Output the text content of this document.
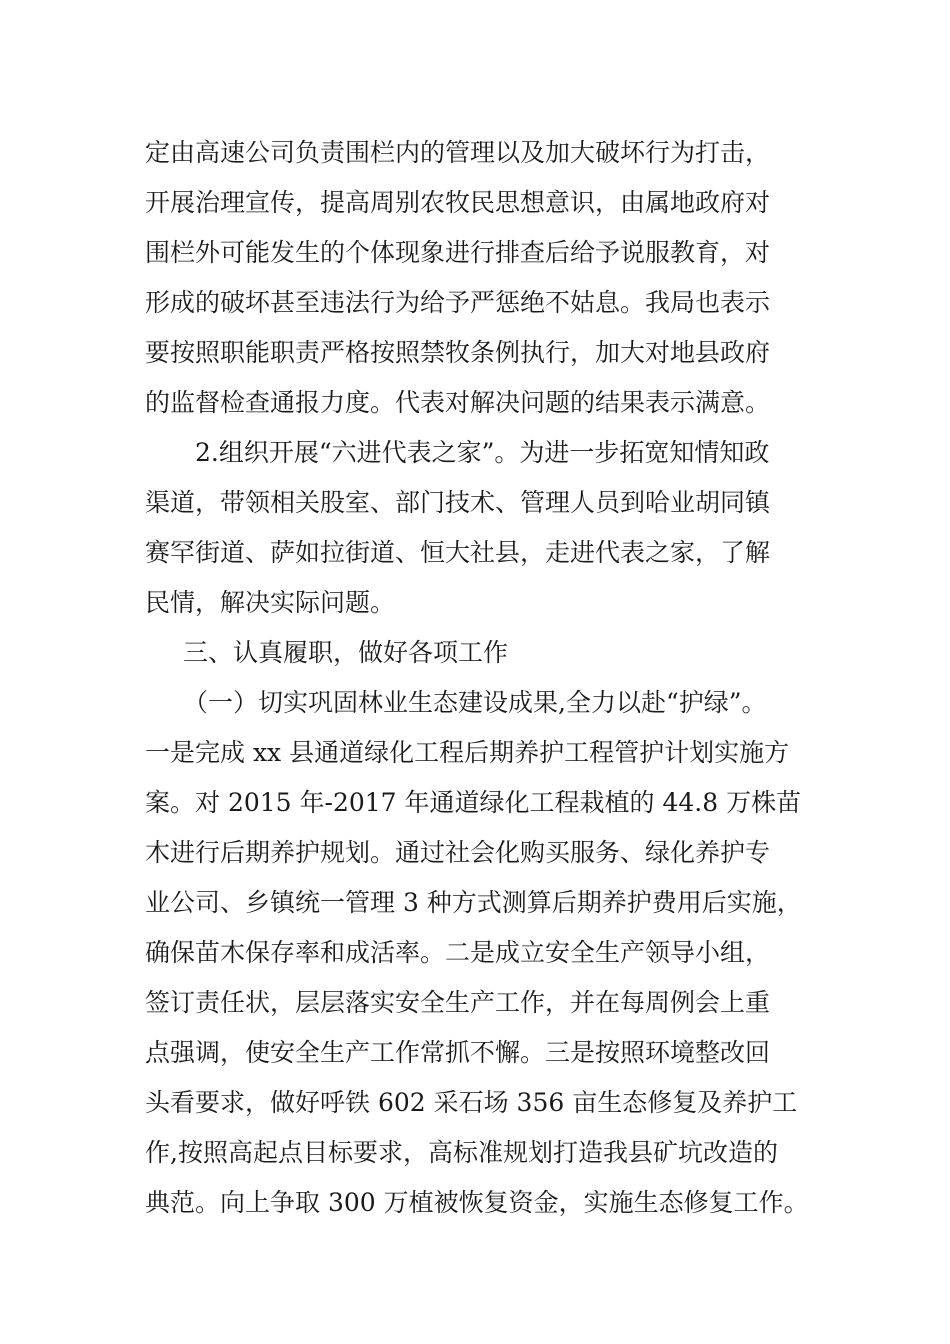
定由高速公司负责围栏内的管理以及加大破坏行为打击，
开展治理宣传，提高周别农牧民思想意识，由属地政府对
围栏外可能发生的个体现象进行排查后给予说服教育，对
形成的破坏甚至违法行为给予严惩绝不姑息。我局也表示
要按照职能职责严格按照禁牧条例执行，加大对地县政府
的监督检查通报力度。代表对解决问题的结果表示满意。
2.组织开展“六进代表之家”。为进一步拓宽知情知政
渠道，带领相关股室、部门技术、管理人员到哈业胡同镇
赛罕街道、萨如拉街道、恒大社县，走进代表之家，了解
民情，解决实际问题。
三、认真履职，做好各项工作
（一）切实巩固林业生态建设成果,全力以赴“护绿”。
一是完成 xx 县通道绿化工程后期养护工程管护计划实施方
案。对 2015 年-2017 年通道绿化工程栽植的 44.8 万株苗
木进行后期养护规划。通过社会化购买服务、绿化养护专
业公司、乡镇统一管理 3 种方式测算后期养护费用后实施，
确保苗木保存率和成活率。二是成立安全生产领导小组，
签订责任状，层层落实安全生产工作，并在每周例会上重
点强调，使安全生产工作常抓不懈。三是按照环境整改回
头看要求，做好呼铁 602 采石场 356 亩生态修复及养护工
作,按照高起点目标要求，高标准规划打造我县矿坑改造的
典范。向上争取 300 万植被恢复资金，实施生态修复工作。
